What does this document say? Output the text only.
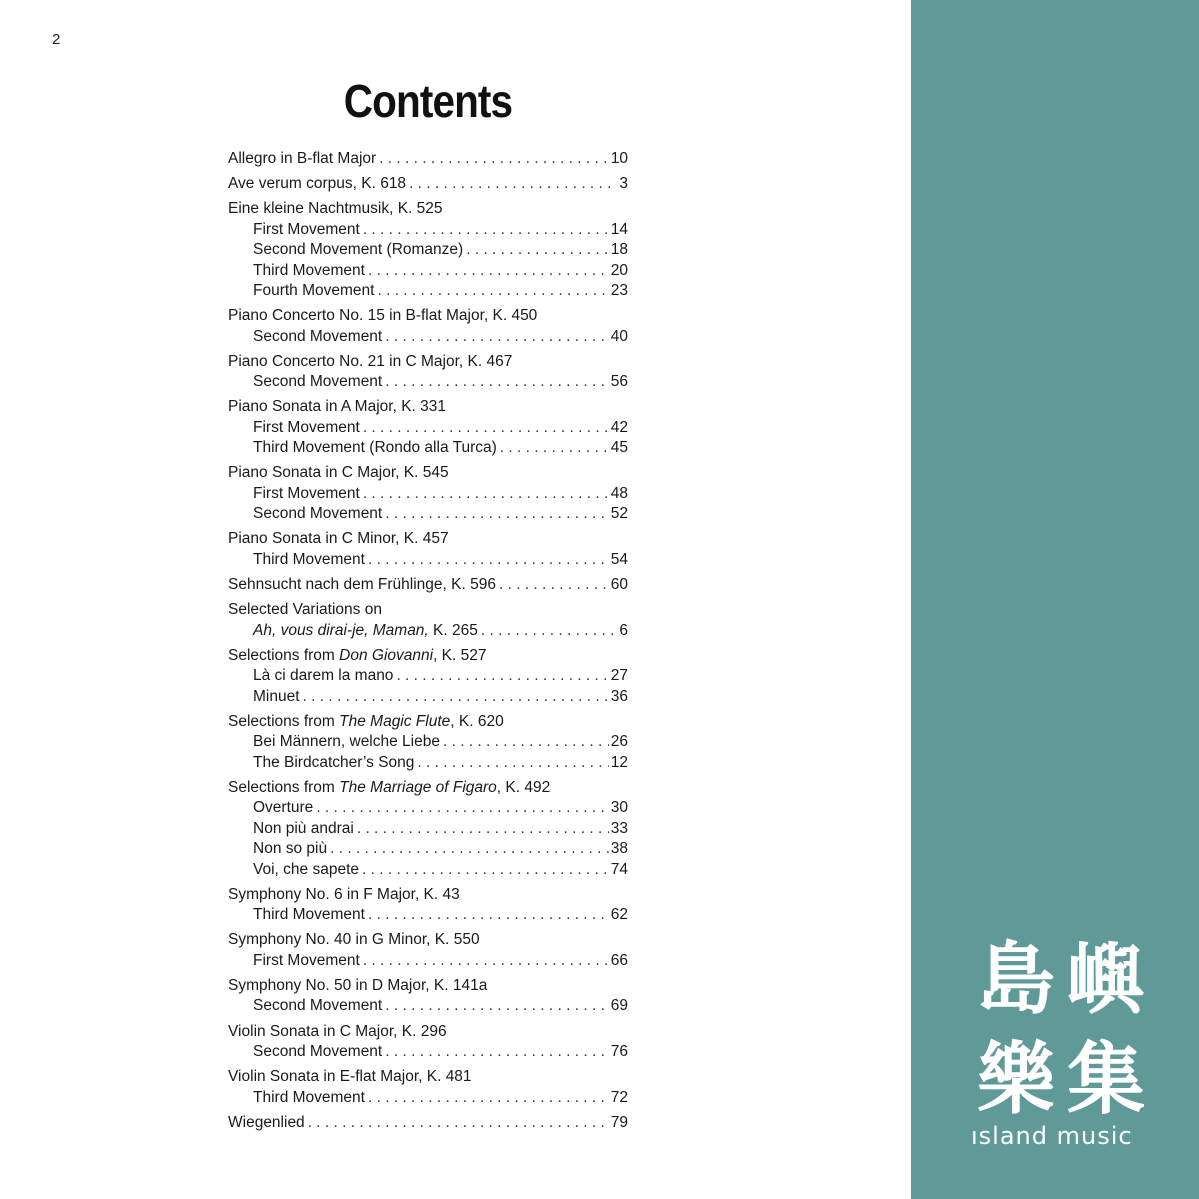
2
Contents
Allegro in B-flat Major . . .	10
Ave verum corpus, K. 618 . . .	3
Eine kleine Nachtmusik, K. 525
First Movement . . .	14
Second Movement (Romanze) . . .	18
Third Movement . . .	20
Fourth Movement . . .	23
Piano Concerto No. 15 in B-flat Major, K. 450
Second Movement . . .	40
Piano Concerto No. 21 in C Major, K. 467
Second Movement . . .	56
Piano Sonata in A Major, K. 331
First Movement . . .	42
Third Movement (Rondo alla Turca) . . .	45
Piano Sonata in C Major, K. 545
First Movement . . .	48
Second Movement . . .	52
Piano Sonata in C Minor, K. 457
Third Movement . . .	54
Sehnsucht nach dem Frühlinge, K. 596 . . .	60
Selected Variations on
Ah, vous dirai-je, Maman, K. 265 . . .	6
Selections from Don Giovanni, K. 527
Là ci darem la mano . . .	27
Minuet . . .	36
Selections from The Magic Flute, K. 620
Bei Männern, welche Liebe . . .	26
The Birdcatcher’s Song . . .	12
Selections from The Marriage of Figaro, K. 492
Overture . . .	30
Non più andrai . . .	33
Non so più . . .	38
Voi, che sapete . . .	74
Symphony No. 6 in F Major, K. 43
Third Movement . . .	62
Symphony No. 40 in G Minor, K. 550
First Movement . . .	66
Symphony No. 50 in D Major, K. 141a
Second Movement . . .	69
Violin Sonata in C Major, K. 296
Second Movement . . .	76
Violin Sonata in E-flat Major, K. 481
Third Movement . . .	72
Wiegenlied . . .	79
島 嶼
樂 集
ısland music
